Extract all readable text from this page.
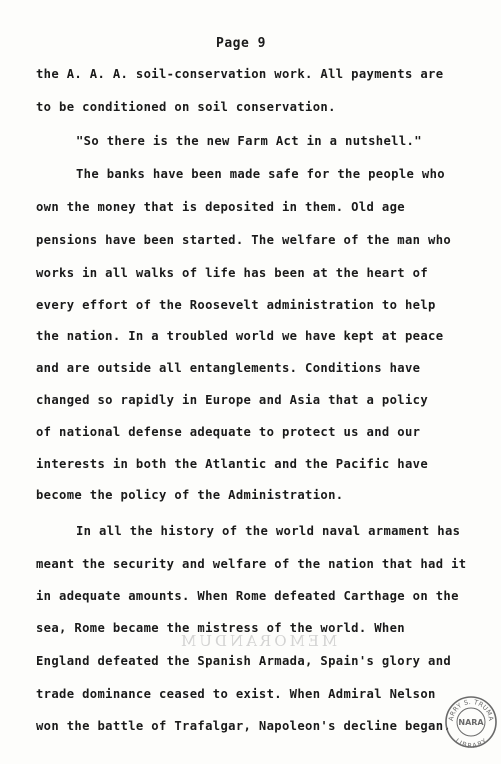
Page 9
the A. A. A. soil-conservation work. All payments are
to be conditioned on soil conservation.
"So there is the new Farm Act in a nutshell."
The banks have been made safe for the people who
own the money that is deposited in them. Old age
pensions have been started. The welfare of the man who
works in all walks of life has been at the heart of
every effort of the Roosevelt administration to help
the nation. In a troubled world we have kept at peace
and are outside all entanglements. Conditions have
changed so rapidly in Europe and Asia that a policy
of national defense adequate to protect us and our
interests in both the Atlantic and the Pacific have
become the policy of the Administration.
In all the history of the world naval armament has
meant the security and welfare of the nation that had it
in adequate amounts. When Rome defeated Carthage on the
sea, Rome became the mistress of the world. When
England defeated the Spanish Armada, Spain's glory and
trade dominance ceased to exist. When Admiral Nelson
won the battle of Trafalgar, Napoleon's decline began.
MEMORANDUM
ARRY S. TRUMA
LIBRARY
NARA
